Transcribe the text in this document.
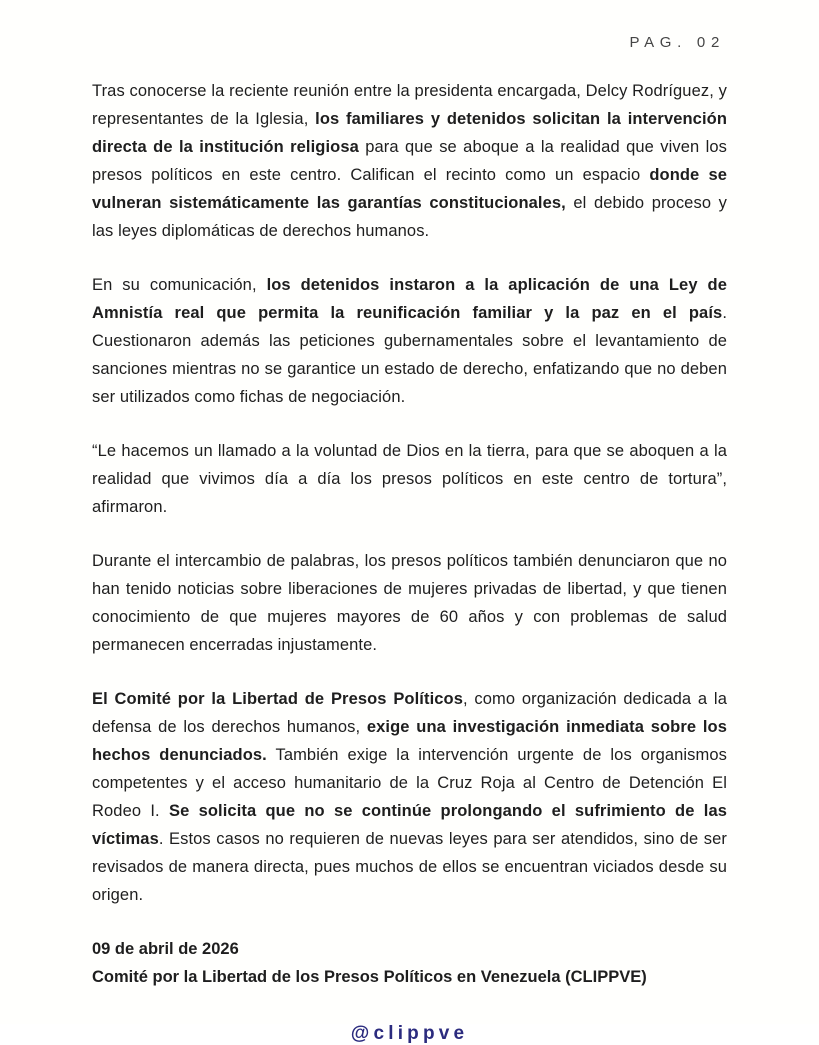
PAG. 02

Tras conocerse la reciente reunión entre la presidenta encargada, Delcy Rodríguez, y representantes de la Iglesia, los familiares y detenidos solicitan la intervención directa de la institución religiosa para que se aboque a la realidad que viven los presos políticos en este centro. Califican el recinto como un espacio donde se vulneran sistemáticamente las garantías constitucionales, el debido proceso y las leyes diplomáticas de derechos humanos.

En su comunicación, los detenidos instaron a la aplicación de una Ley de Amnistía real que permita la reunificación familiar y la paz en el país. Cuestionaron además las peticiones gubernamentales sobre el levantamiento de sanciones mientras no se garantice un estado de derecho, enfatizando que no deben ser utilizados como fichas de negociación.

“Le hacemos un llamado a la voluntad de Dios en la tierra, para que se aboquen a la realidad que vivimos día a día los presos políticos en este centro de tortura”, afirmaron.

Durante el intercambio de palabras, los presos políticos también denunciaron que no han tenido noticias sobre liberaciones de mujeres privadas de libertad, y que tienen conocimiento de que mujeres mayores de 60 años y con problemas de salud permanecen encerradas injustamente.

El Comité por la Libertad de Presos Políticos, como organización dedicada a la defensa de los derechos humanos, exige una investigación inmediata sobre los hechos denunciados. También exige la intervención urgente de los organismos competentes y el acceso humanitario de la Cruz Roja al Centro de Detención El Rodeo I. Se solicita que no se continúe prolongando el sufrimiento de las víctimas. Estos casos no requieren de nuevas leyes para ser atendidos, sino de ser revisados de manera directa, pues muchos de ellos se encuentran viciados desde su origen.

09 de abril de 2026

Comité por la Libertad de los Presos Políticos en Venezuela (CLIPPVE)

@clippve
